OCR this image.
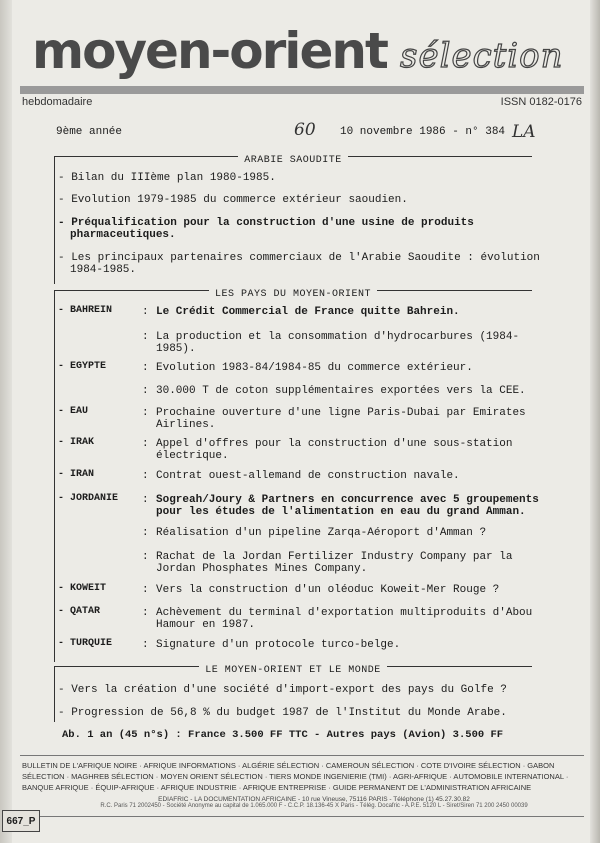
moyen-orient sélection
hebdomadaire	ISSN 0182-0176
9ème année	60 10 novembre 1986 - n° 384 LA
ARABIE SAOUDITE
- Bilan du IIIème plan 1980-1985.
- Evolution 1979-1985 du commerce extérieur saoudien.
- Préqualification pour la construction d'une usine de produits
pharmaceutiques.
- Les principaux partenaires commerciaux de l'Arabie Saoudite : évolution
1984-1985.
LES PAYS DU MOYEN-ORIENT
- BAHREIN	: Le Crédit Commercial de France quitte Bahrein.
: La production et la consommation d'hydrocarbures (1984-
1985).
- EGYPTE	: Evolution 1983-84/1984-85 du commerce extérieur.
: 30.000 T de coton supplémentaires exportées vers la CEE.
- EAU	: Prochaine ouverture d'une ligne Paris-Dubai par Emirates
Airlines.
- IRAK	: Appel d'offres pour la construction d'une sous-station
électrique.
- IRAN	: Contrat ouest-allemand de construction navale.
- JORDANIE : Sogreah/Joury & Partners en concurrence avec 5 groupements
pour les études de l'alimentation en eau du grand Amman.
: Réalisation d'un pipeline Zarqa-Aéroport d'Amman ?
: Rachat de la Jordan Fertilizer Industry Company par la
Jordan Phosphates Mines Company.
- KOWEIT	: Vers la construction d'un oléoduc Koweit-Mer Rouge ?
- QATAR	: Achèvement du terminal d'exportation multiproduits d'Abou
Hamour en 1987.
- TURQUIE	: Signature d'un protocole turco-belge.
LE MOYEN-ORIENT ET LE MONDE
- Vers la création d'une société d'import-export des pays du Golfe ?
- Progression de 56,8 % du budget 1987 de l'Institut du Monde Arabe.
Ab. 1 an (45 n°s) : France 3.500 FF TTC - Autres pays (Avion) 3.500 FF
BULLETIN DE L'AFRIQUE NOIRE · AFRIQUE INFORMATIONS · ALGÉRIE SÉLECTION · CAMEROUN SÉLECTION · COTE D'IVOIRE SÉLECTION · GABON SÉLECTION · MAGHREB SÉLECTION · MOYEN ORIENT SÉLECTION · TIERS MONDE INGENIERIE (TMI) · AGRI-AFRIQUE · AUTOMOBILE INTERNATIONAL · BANQUE AFRIQUE · ÉQUIP-AFRIQUE · AFRIQUE INDUSTRIE · AFRIQUE ENTREPRISE · GUIDE PERMANENT DE L'ADMINISTRATION AFRICAINE
EDIAFRIC - LA DOCUMENTATION AFRICAINE - 10 rue Vineuse, 75116 PARIS - Téléphone (1) 45.27.30.82
R.C. Paris 71 2002450 - Société Anonyme au capital de 1.065.000 F - C.C.P. 18.136-45 X Paris - Télég. Docafric - A.P.E. 5120 L - Siret/Siren 71 200 2450 00039
667_P
